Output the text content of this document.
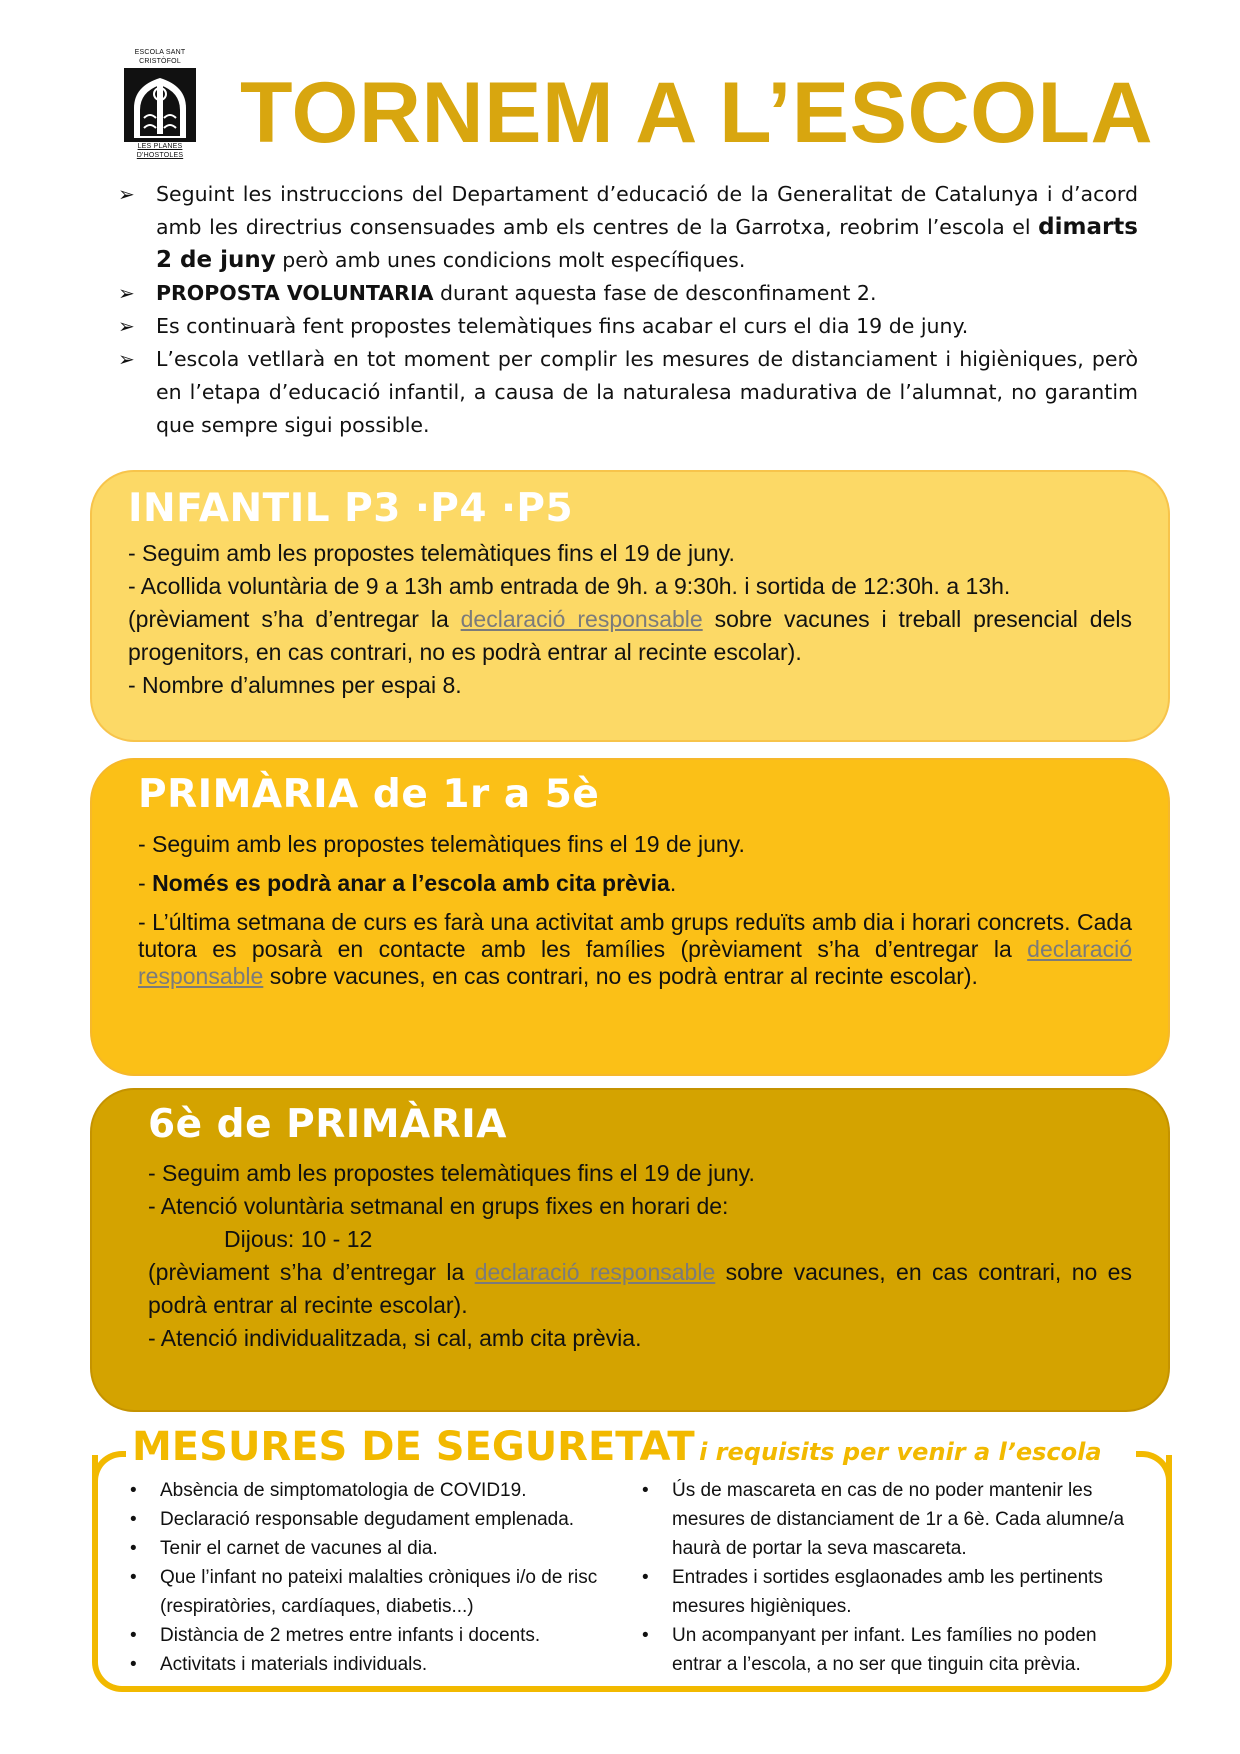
ESCOLA SANT CRISTÒFOL
LES PLANES D'HOSTOLES TORNEM A L’ESCOLA
➢ Seguint les instruccions del Departament d’educació de la Generalitat de Catalunya i d’acord amb les directrius consensuades amb els centres de la Garrotxa, reobrim l’escola el dimarts 2 de juny però amb unes condicions molt específiques.
➢ PROPOSTA VOLUNTARIA durant aquesta fase de desconfinament 2.
➢ Es continuarà fent propostes telemàtiques fins acabar el curs el dia 19 de juny.
➢ L’escola vetllarà en tot moment per complir les mesures de distanciament i higièniques, però en l’etapa d’educació infantil, a causa de la naturalesa madurativa de l’alumnat, no garantim que sempre sigui possible.
INFANTIL P3 ·P4 ·P5

- Seguim amb les propostes telemàtiques fins el 19 de juny.

- Acollida voluntària de 9 a 13h amb entrada de 9h. a 9:30h. i sortida de 12:30h. a 13h.

(prèviament s’ha d’entregar la declaració responsable sobre vacunes i treball presencial dels progenitors, en cas contrari, no es podrà entrar al recinte escolar).

- Nombre d’alumnes per espai 8.

PRIMÀRIA de 1r a 5è

- Seguim amb les propostes telemàtiques fins el 19 de juny.

- Només es podrà anar a l’escola amb cita prèvia.

- L’última setmana de curs es farà una activitat amb grups reduïts amb dia i horari concrets. Cada tutora es posarà en contacte amb les famílies (prèviament s’ha d’entregar la declaració responsable sobre vacunes, en cas contrari, no es podrà entrar al recinte escolar).

6è de PRIMÀRIA

- Seguim amb les propostes telemàtiques fins el 19 de juny.

- Atenció voluntària setmanal en grups fixes en horari de:

Dijous: 10 - 12

(prèviament s’ha d’entregar la declaració responsable sobre vacunes, en cas contrari, no es podrà entrar al recinte escolar).

- Atenció individualitzada, si cal, amb cita prèvia.

MESURES DE SEGURETAT i requisits per venir a l’escola
• Absència de simptomatologia de COVID19.
• Declaració responsable degudament emplenada.
• Tenir el carnet de vacunes al dia.
• Que l’infant no pateixi malalties cròniques i/o de risc (respiratòries, cardíaques, diabetis...)
• Distància de 2 metres entre infants i docents.
• Activitats i materials individuals.
• Ús de mascareta en cas de no poder mantenir les mesures de distanciament de 1r a 6è. Cada alumne/a haurà de portar la seva mascareta.
• Entrades i sortides esglaonades amb les pertinents mesures higièniques.
• Un acompanyant per infant. Les famílies no poden entrar a l’escola, a no ser que tinguin cita prèvia.
